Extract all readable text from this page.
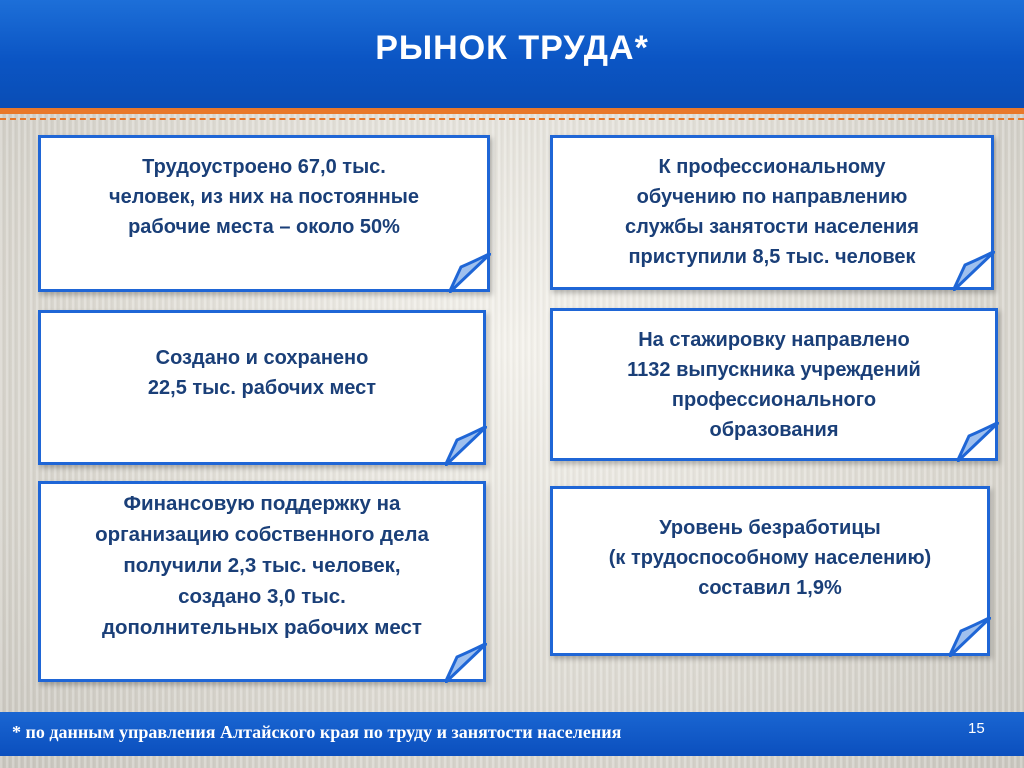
РЫНОК ТРУДА*
Трудоустроено 67,0 тыс.
человек, из них на постоянные
рабочие места – около 50%
К профессиональному
обучению по направлению
службы занятости населения
приступили 8,5 тыс. человек
Создано и сохранено
22,5 тыс. рабочих мест
На стажировку направлено
1132 выпускника учреждений
профессионального
образования
Финансовую поддержку на
организацию собственного дела
получили 2,3 тыс. человек,
создано 3,0 тыс.
дополнительных рабочих мест
Уровень безработицы
(к трудоспособному населению)
составил 1,9%
* по данным управления Алтайского края по труду и занятости населения	15
